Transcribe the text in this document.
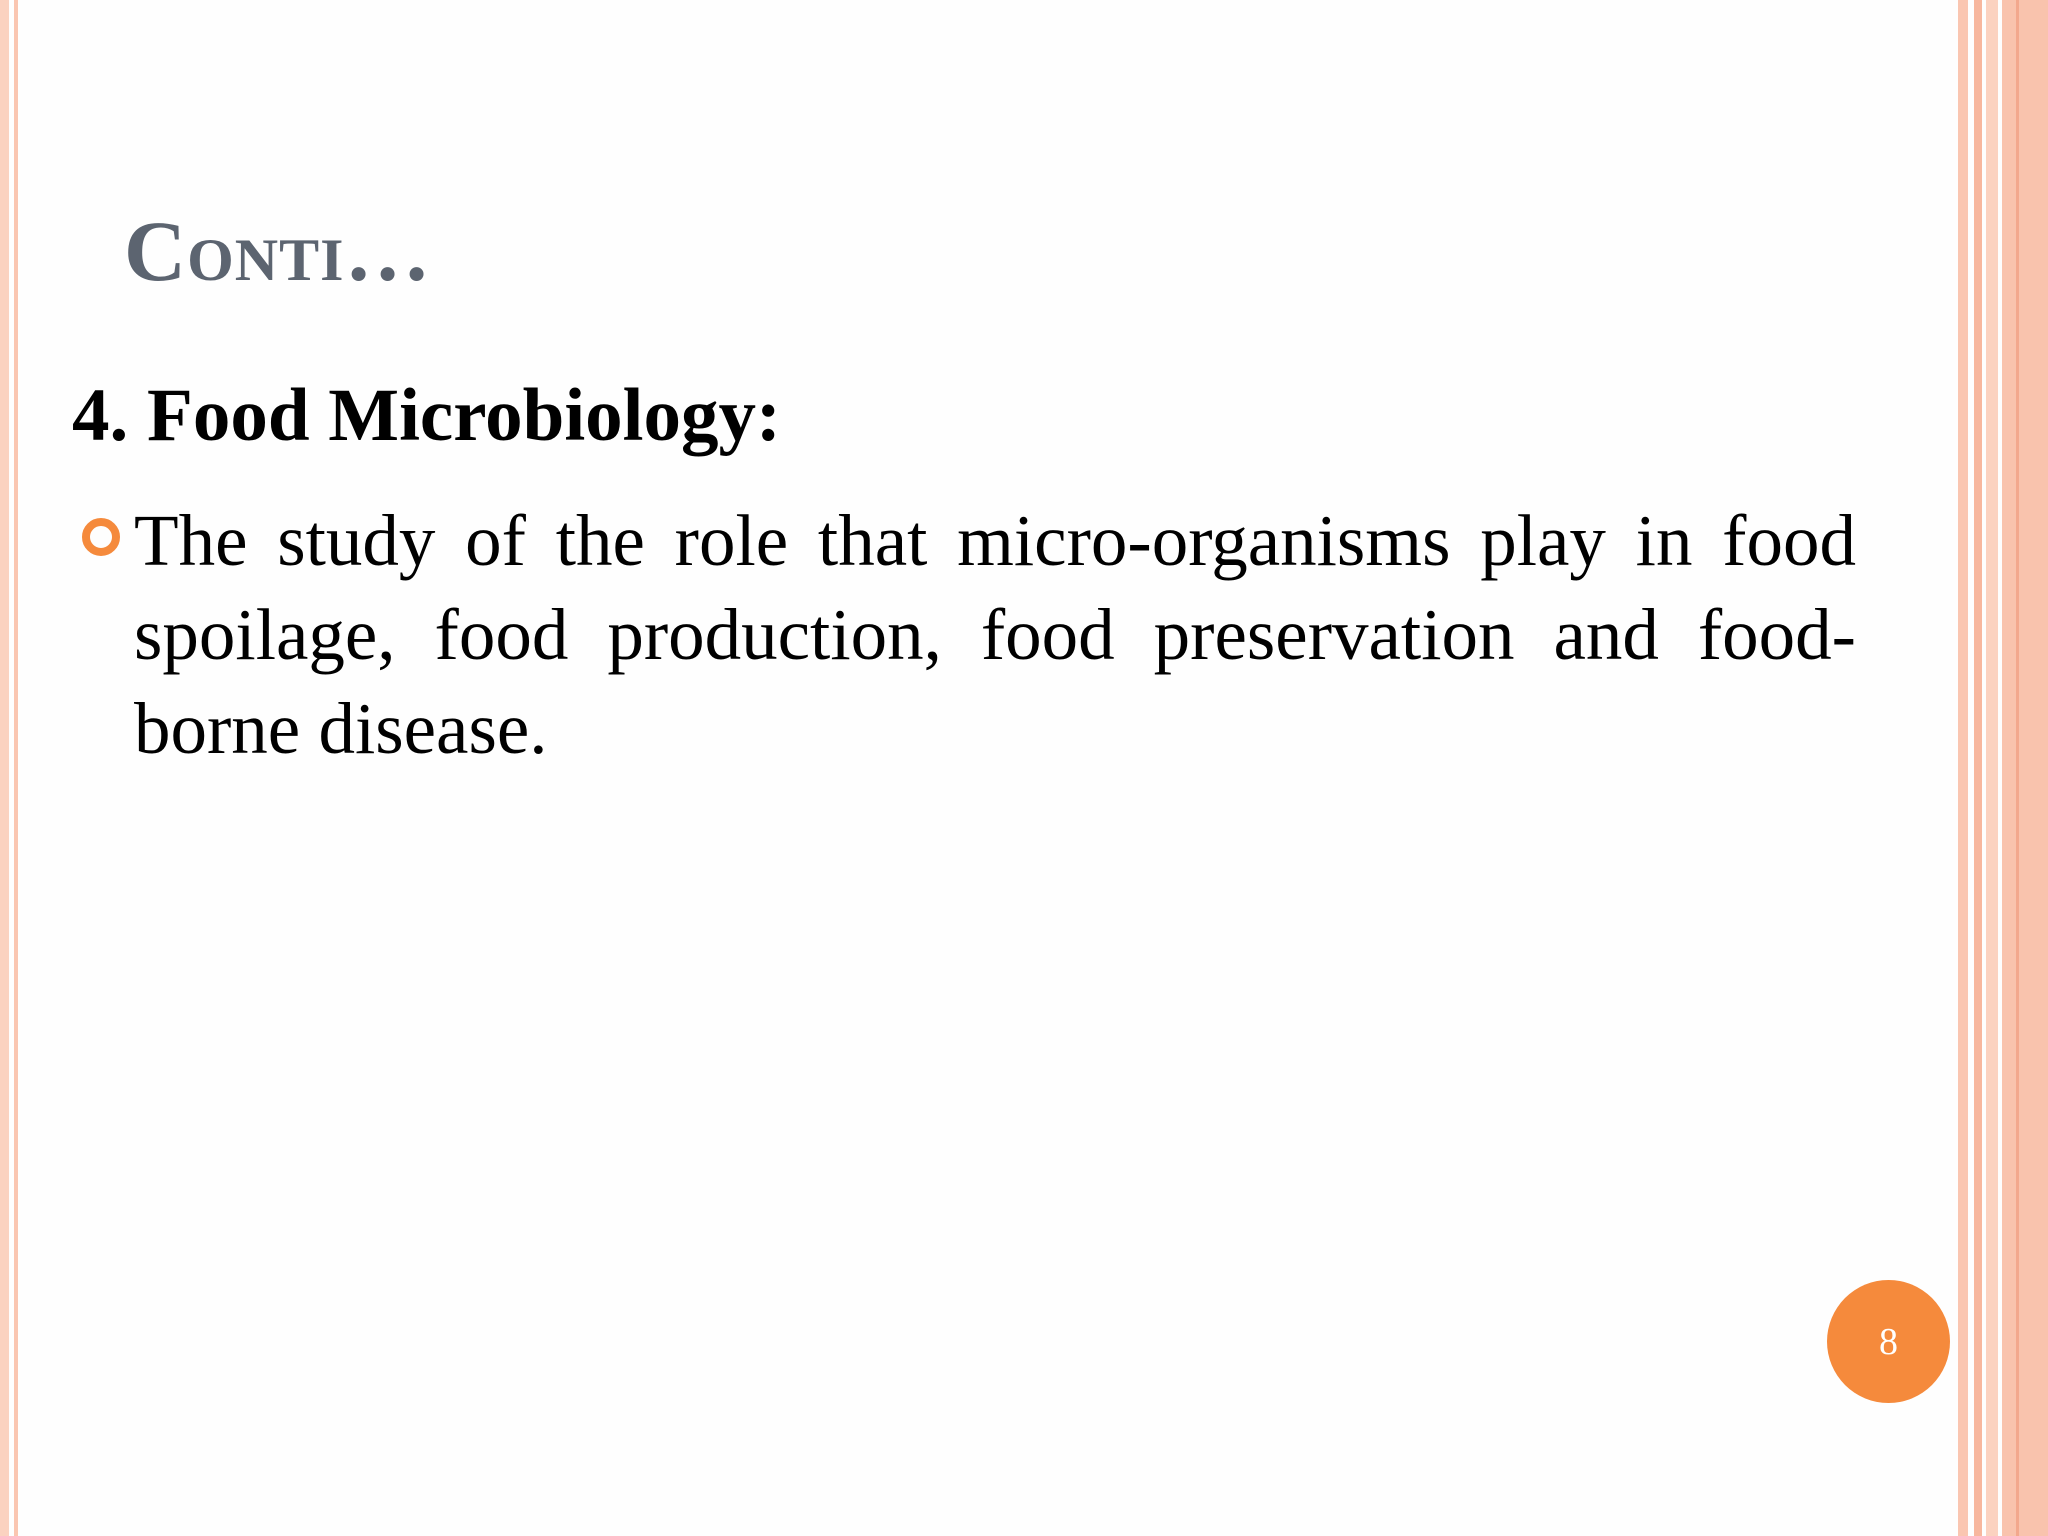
Conti…
4. Food Microbiology:
The study of the role that micro-organisms play in food spoilage, food production, food preservation and food-borne disease.
8
